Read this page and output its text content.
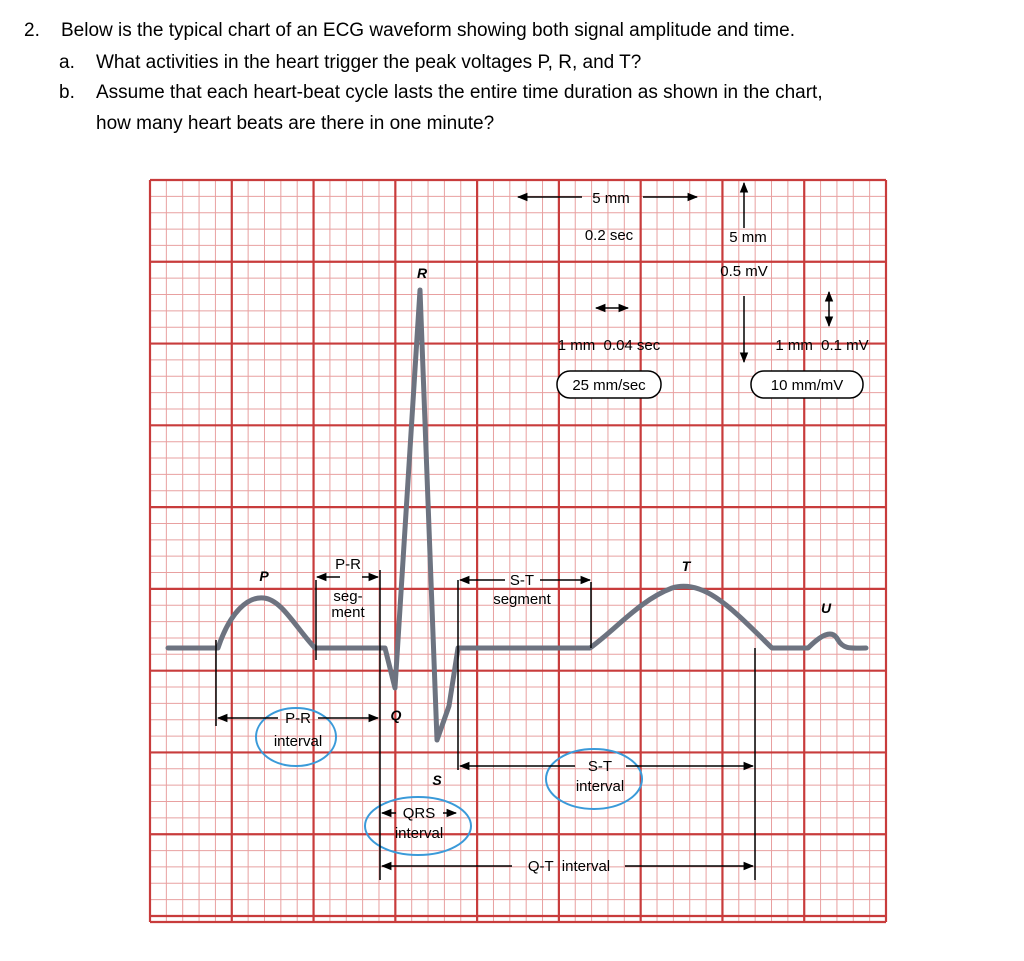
2. Below is the typical chart of an ECG waveform showing both signal amplitude and time.
a. What activities in the heart trigger the peak voltages P, R, and T?
b. Assume that each heart-beat cycle lasts the entire time duration as shown in the chart,
how many heart beats are there in one minute?
5 mm
0.2 sec	5 mm
0.5 mV
1 mm  0.04 sec	1 mm  0.1 mV
25 mm/sec	10 mm/mV
P
Q
R
S
T
U
P-R
seg-
ment
S-T
segment
P-R
interval
QRS
interval
S-T
interval
Q-T  interval
